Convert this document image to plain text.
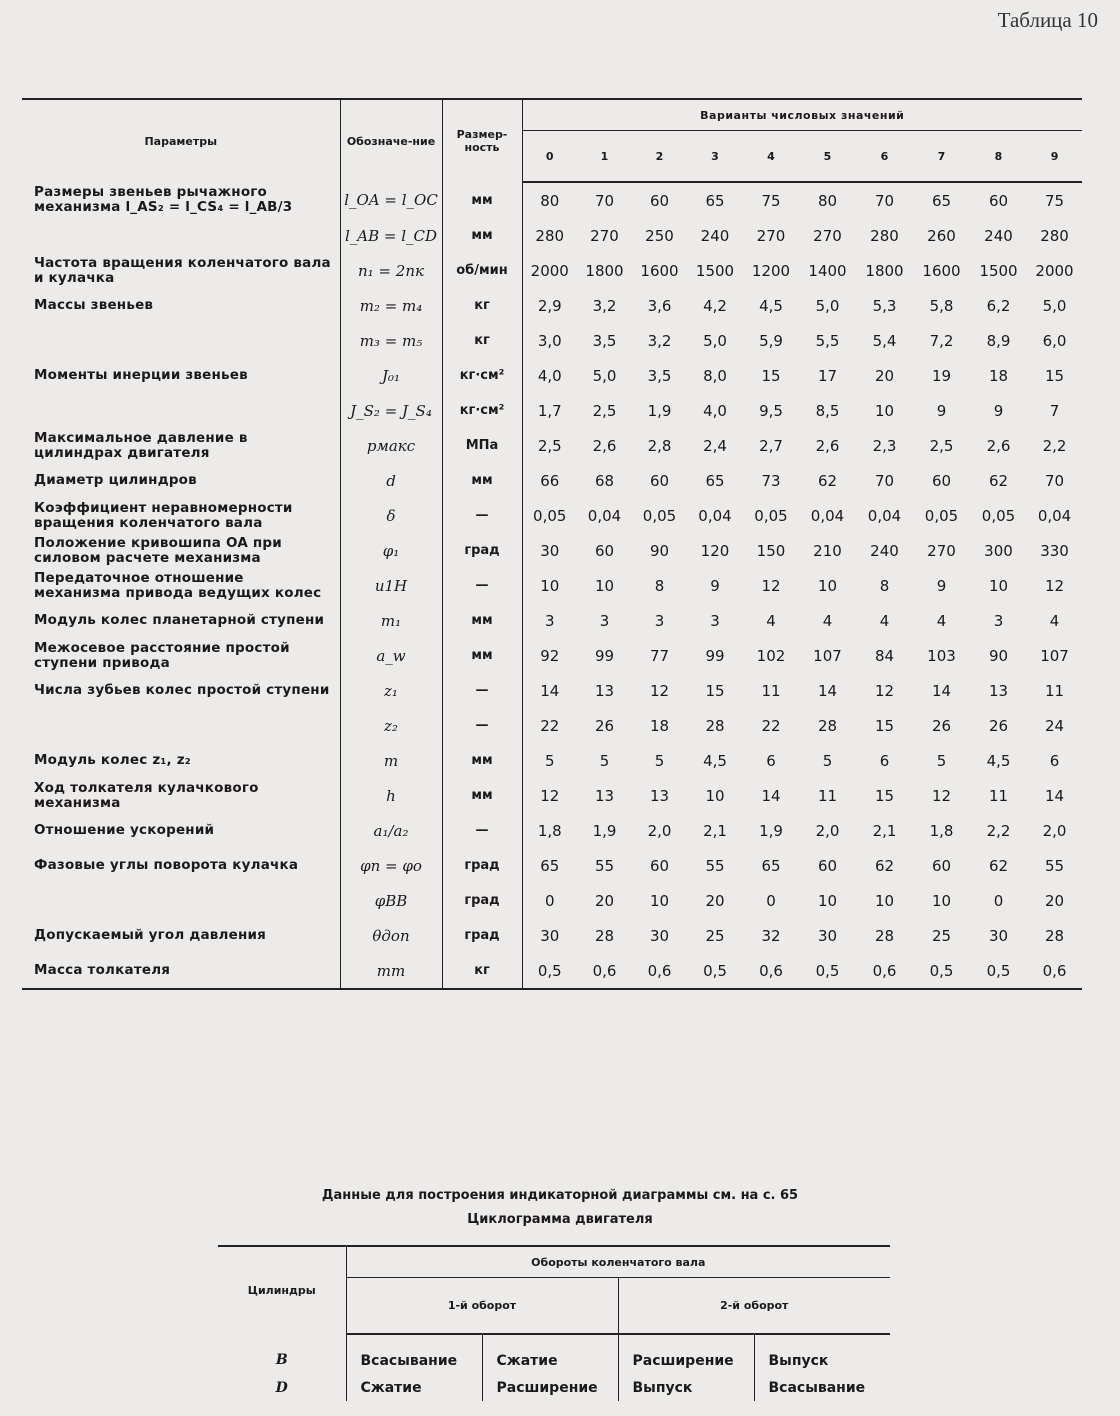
Таблица 10
Параметры	Обозначе-ние	Размер-ность	Варианты числовых значений									
			0	1	2	3	4	5	6	7	8	9
Размеры звеньев рычажного механизма l_AS₂ = l_CS₄ = l_AB/3	l_OA = l_OC	мм	80	70	60	65	75	80	70	65	60	75
	l_AB = l_CD	мм	280	270	250	240	270	270	280	260	240	280
Частота вращения коленчатого вала и кулачка	n₁ = 2nк	об/мин	2000	1800	1600	1500	1200	1400	1800	1600	1500	2000
Массы звеньев	m₂ = m₄	кг	2,9	3,2	3,6	4,2	4,5	5,0	5,3	5,8	6,2	5,0
	m₃ = m₅	кг	3,0	3,5	3,2	5,0	5,9	5,5	5,4	7,2	8,9	6,0
Моменты инерции звеньев	J₀₁	кг·см²	4,0	5,0	3,5	8,0	15	17	20	19	18	15
	J_S₂ = J_S₄	кг·см²	1,7	2,5	1,9	4,0	9,5	8,5	10	9	9	7
Максимальное давление в цилиндрах двигателя	pмакс	МПа	2,5	2,6	2,8	2,4	2,7	2,6	2,3	2,5	2,6	2,2
Диаметр цилиндров	d	мм	66	68	60	65	73	62	70	60	62	70
Коэффициент неравномерности вращения коленчатого вала	δ	—	0,05	0,04	0,05	0,04	0,05	0,04	0,04	0,05	0,05	0,04
Положение кривошипа OA при силовом расчете механизма	φ₁	град	30	60	90	120	150	210	240	270	300	330
Передаточное отношение механизма привода ведущих колес	u1H	—	10	10	8	9	12	10	8	9	10	12
Модуль колес планетарной ступени	m₁	мм	3	3	3	3	4	4	4	4	3	4
Межосевое расстояние простой ступени привода	a_w	мм	92	99	77	99	102	107	84	103	90	107
Числа зубьев колес простой ступени	z₁	—	14	13	12	15	11	14	12	14	13	11
	z₂	—	22	26	18	28	22	28	15	26	26	24
Модуль колес z₁, z₂	m	мм	5	5	5	4,5	6	5	6	5	4,5	6
Ход толкателя кулачкового механизма	h	мм	12	13	13	10	14	11	15	12	11	14
Отношение ускорений	a₁/a₂	—	1,8	1,9	2,0	2,1	1,9	2,0	2,1	1,8	2,2	2,0
Фазовые углы поворота кулачка	φп = φо	град	65	55	60	55	65	60	62	60	62	55
	φBB	град	0	20	10	20	0	10	10	10	0	20
Допускаемый угол давления	θдоп	град	30	28	30	25	32	30	28	25	30	28
Масса толкателя	mт	кг	0,5	0,6	0,6	0,5	0,6	0,5	0,6	0,5	0,5	0,6
Данные для построения индикаторной диаграммы см. на с. 65
Циклограмма двигателя
Цилиндры	Обороты коленчатого вала			
	1-й оборот		2-й оборот	
B	Всасывание	Сжатие	Расширение	Выпуск
D	Сжатие	Расширение	Выпуск	Всасывание
